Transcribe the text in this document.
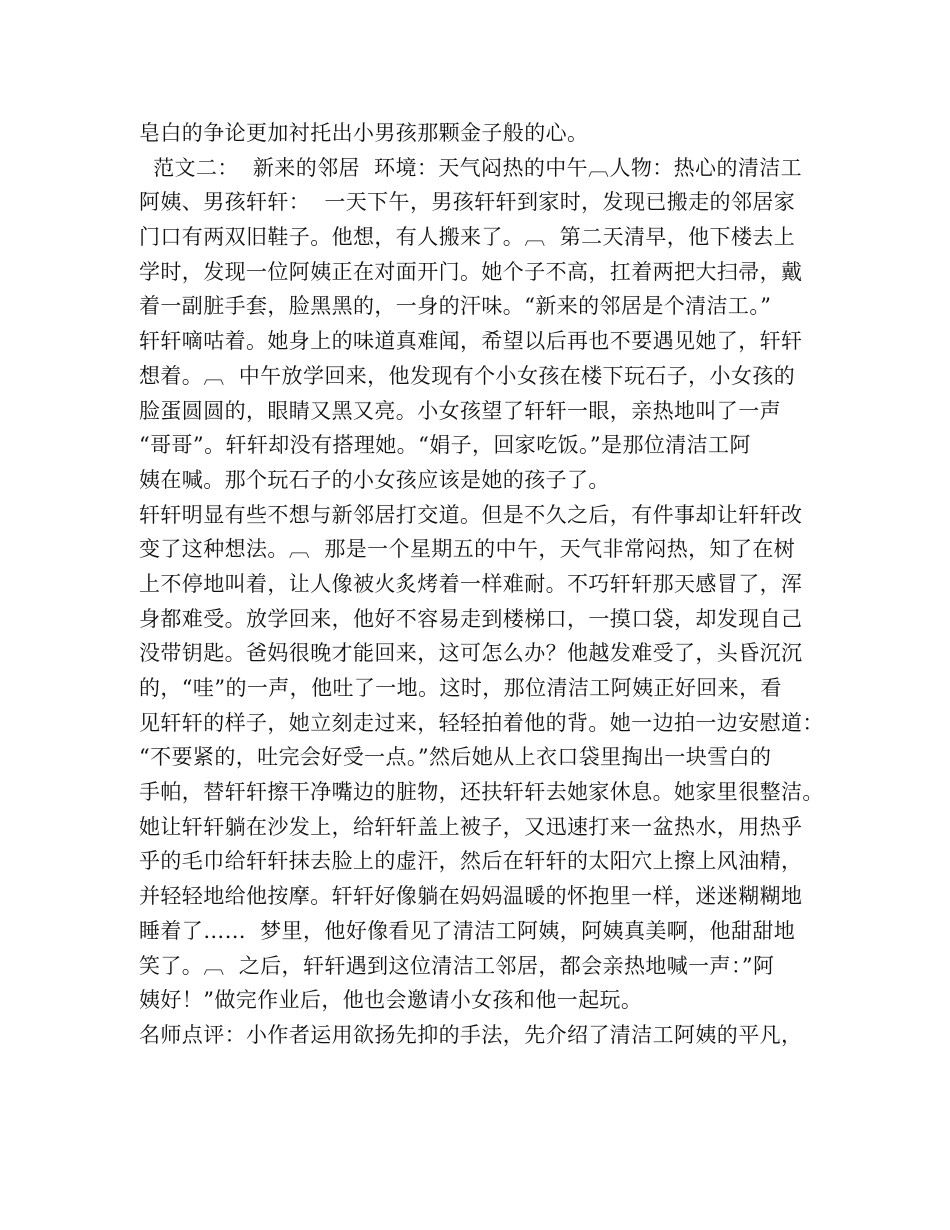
皂白的争论更加衬托出小男孩那颗金子般的心。
范文二：  新来的邻居  环境：天气闷热的中午︹人物：热心的清洁工
阿姨、男孩轩轩：  一天下午，男孩轩轩到家时，发现已搬走的邻居家
门口有两双旧鞋子。他想，有人搬来了。︹  第二天清早，他下楼去上
学时，发现一位阿姨正在对面开门。她个子不高，扛着两把大扫帚，戴
着一副脏手套，脸黑黑的，一身的汗味。“新来的邻居是个清洁工。”
轩轩嘀咕着。她身上的味道真难闻，希望以后再也不要遇见她了，轩轩
想着。︹  中午放学回来，他发现有个小女孩在楼下玩石子，小女孩的
脸蛋圆圆的，眼睛又黑又亮。小女孩望了轩轩一眼，亲热地叫了一声
“哥哥”。轩轩却没有搭理她。“娟子，回家吃饭。”是那位清洁工阿
姨在喊。那个玩石子的小女孩应该是她的孩子了。
轩轩明显有些不想与新邻居打交道。但是不久之后，有件事却让轩轩改
变了这种想法。︹  那是一个星期五的中午，天气非常闷热，知了在树
上不停地叫着，让人像被火炙烤着一样难耐。不巧轩轩那天感冒了，浑
身都难受。放学回来，他好不容易走到楼梯口，一摸口袋，却发现自己
没带钥匙。爸妈很晚才能回来，这可怎么办？他越发难受了，头昏沉沉
的，“哇”的一声，他吐了一地。这时，那位清洁工阿姨正好回来，看
见轩轩的样子，她立刻走过来，轻轻拍着他的背。她一边拍一边安慰道：
“不要紧的，吐完会好受一点。”然后她从上衣口袋里掏出一块雪白的
手帕，替轩轩擦干净嘴边的脏物，还扶轩轩去她家休息。她家里很整洁。
她让轩轩躺在沙发上，给轩轩盖上被子，又迅速打来一盆热水，用热乎
乎的毛巾给轩轩抹去脸上的虚汗，然后在轩轩的太阳穴上擦上风油精，
并轻轻地给他按摩。轩轩好像躺在妈妈温暖的怀抱里一样，迷迷糊糊地
睡着了……  梦里，他好像看见了清洁工阿姨，阿姨真美啊，他甜甜地
笑了。︹  之后，轩轩遇到这位清洁工邻居，都会亲热地喊一声：”阿
姨好！”做完作业后，他也会邀请小女孩和他一起玩。
名师点评：小作者运用欲扬先抑的手法，先介绍了清洁工阿姨的平凡，
